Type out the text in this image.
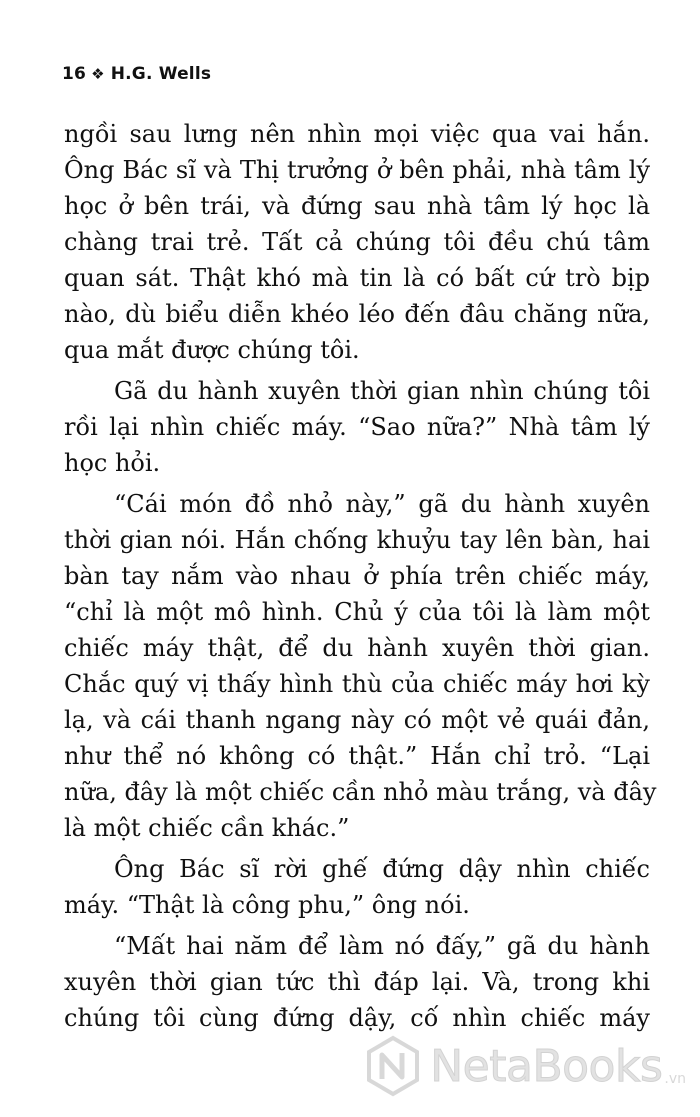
16 ❖ H.G. Wells
ngồi sau lưng nên nhìn mọi việc qua vai hắn.
Ông Bác sĩ và Thị trưởng ở bên phải, nhà tâm lý
học ở bên trái, và đứng sau nhà tâm lý học là
chàng trai trẻ. Tất cả chúng tôi đều chú tâm
quan sát. Thật khó mà tin là có bất cứ trò bịp
nào, dù biểu diễn khéo léo đến đâu chăng nữa,
qua mắt được chúng tôi.
Gã du hành xuyên thời gian nhìn chúng tôi
rồi lại nhìn chiếc máy. “Sao nữa?” Nhà tâm lý
học hỏi.
“Cái món đồ nhỏ này,” gã du hành xuyên
thời gian nói. Hắn chống khuỷu tay lên bàn, hai
bàn tay nắm vào nhau ở phía trên chiếc máy,
“chỉ là một mô hình. Chủ ý của tôi là làm một
chiếc máy thật, để du hành xuyên thời gian.
Chắc quý vị thấy hình thù của chiếc máy hơi kỳ
lạ, và cái thanh ngang này có một vẻ quái đản,
như thể nó không có thật.” Hắn chỉ trỏ. “Lại
nữa, đây là một chiếc cần nhỏ màu trắng, và đây
là một chiếc cần khác.”
Ông Bác sĩ rời ghế đứng dậy nhìn chiếc
máy. “Thật là công phu,” ông nói.
“Mất hai năm để làm nó đấy,” gã du hành
xuyên thời gian tức thì đáp lại. Và, trong khi
chúng tôi cùng đứng dậy, cố nhìn chiếc máy
NetaBooks .vn
